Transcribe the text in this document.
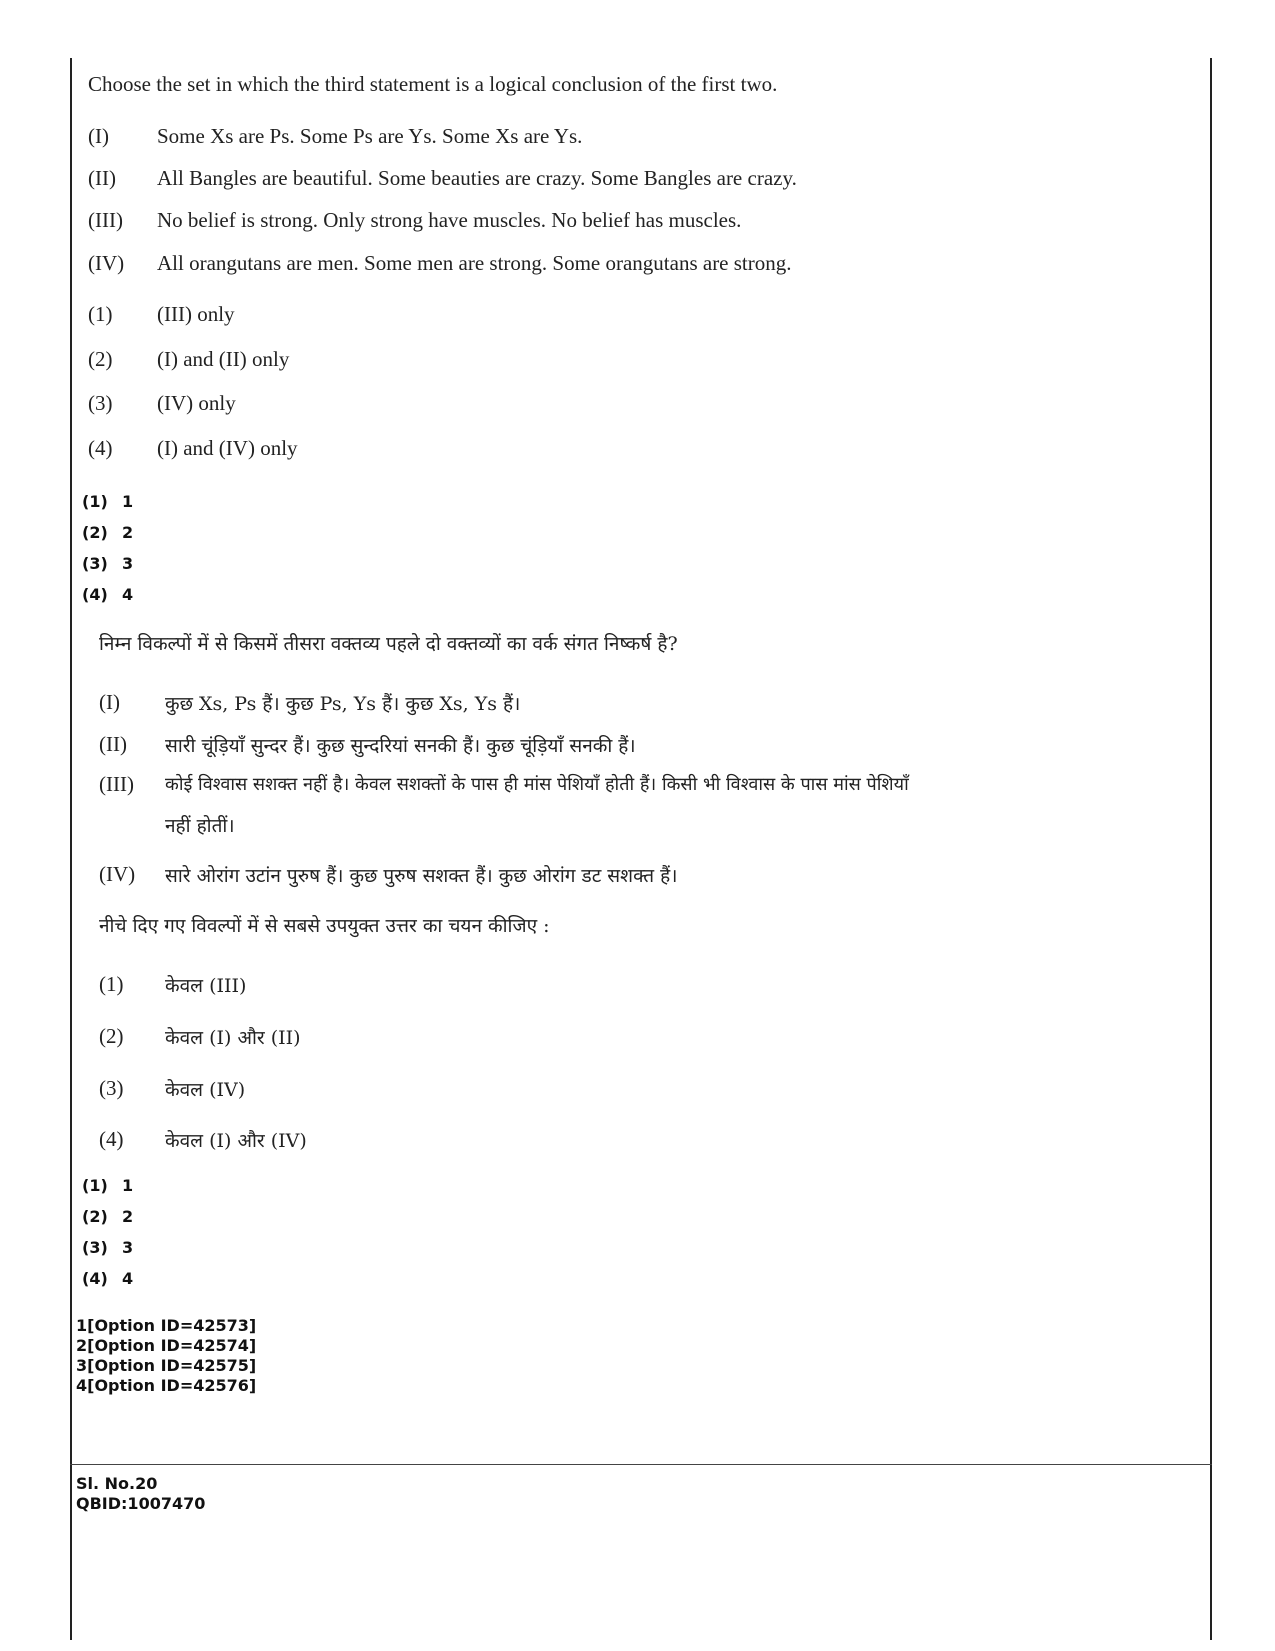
Choose the set in which the third statement is a logical conclusion of the first two.
(I) Some Xs are Ps. Some Ps are Ys. Some Xs are Ys.
(II) All Bangles are beautiful. Some beauties are crazy. Some Bangles are crazy.
(III) No belief is strong. Only strong have muscles. No belief has muscles.
(IV) All orangutans are men. Some men are strong. Some orangutans are strong.
(1) (III) only
(2) (I) and (II) only
(3) (IV) only
(4) (I) and (IV) only
(1) 1
(2) 2
(3) 3
(4) 4
निम्न विकल्पों में से किसमें तीसरा वक्तव्य पहले दो वक्तव्यों का वर्क संगत निष्कर्ष है?
(I) कुछ Xs, Ps हैं। कुछ Ps, Ys हैं। कुछ Xs, Ys हैं।
(II) सारी चूंड़ियाँ सुन्दर हैं। कुछ सुन्दरियां सनकी हैं। कुछ चूंड़ियाँ सनकी हैं।
(III) कोई विश्वास सशक्त नहीं है। केवल सशक्तों के पास ही मांस पेशियाँ होती हैं। किसी भी विश्वास के पास मांस पेशियाँ
नहीं होतीं।
(IV) सारे ओरांग उटांन पुरुष हैं। कुछ पुरुष सशक्त हैं। कुछ ओरांग डट सशक्त हैं।
नीचे दिए गए विवल्पों में से सबसे उपयुक्त उत्तर का चयन कीजिए :
(1) केवल (III)
(2) केवल (I) और (II)
(3) केवल (IV)
(4) केवल (I) और (IV)
(1) 1
(2) 2
(3) 3
(4) 4
1[Option ID=42573]
2[Option ID=42574]
3[Option ID=42575]
4[Option ID=42576]
Sl. No.20
QBID:1007470
